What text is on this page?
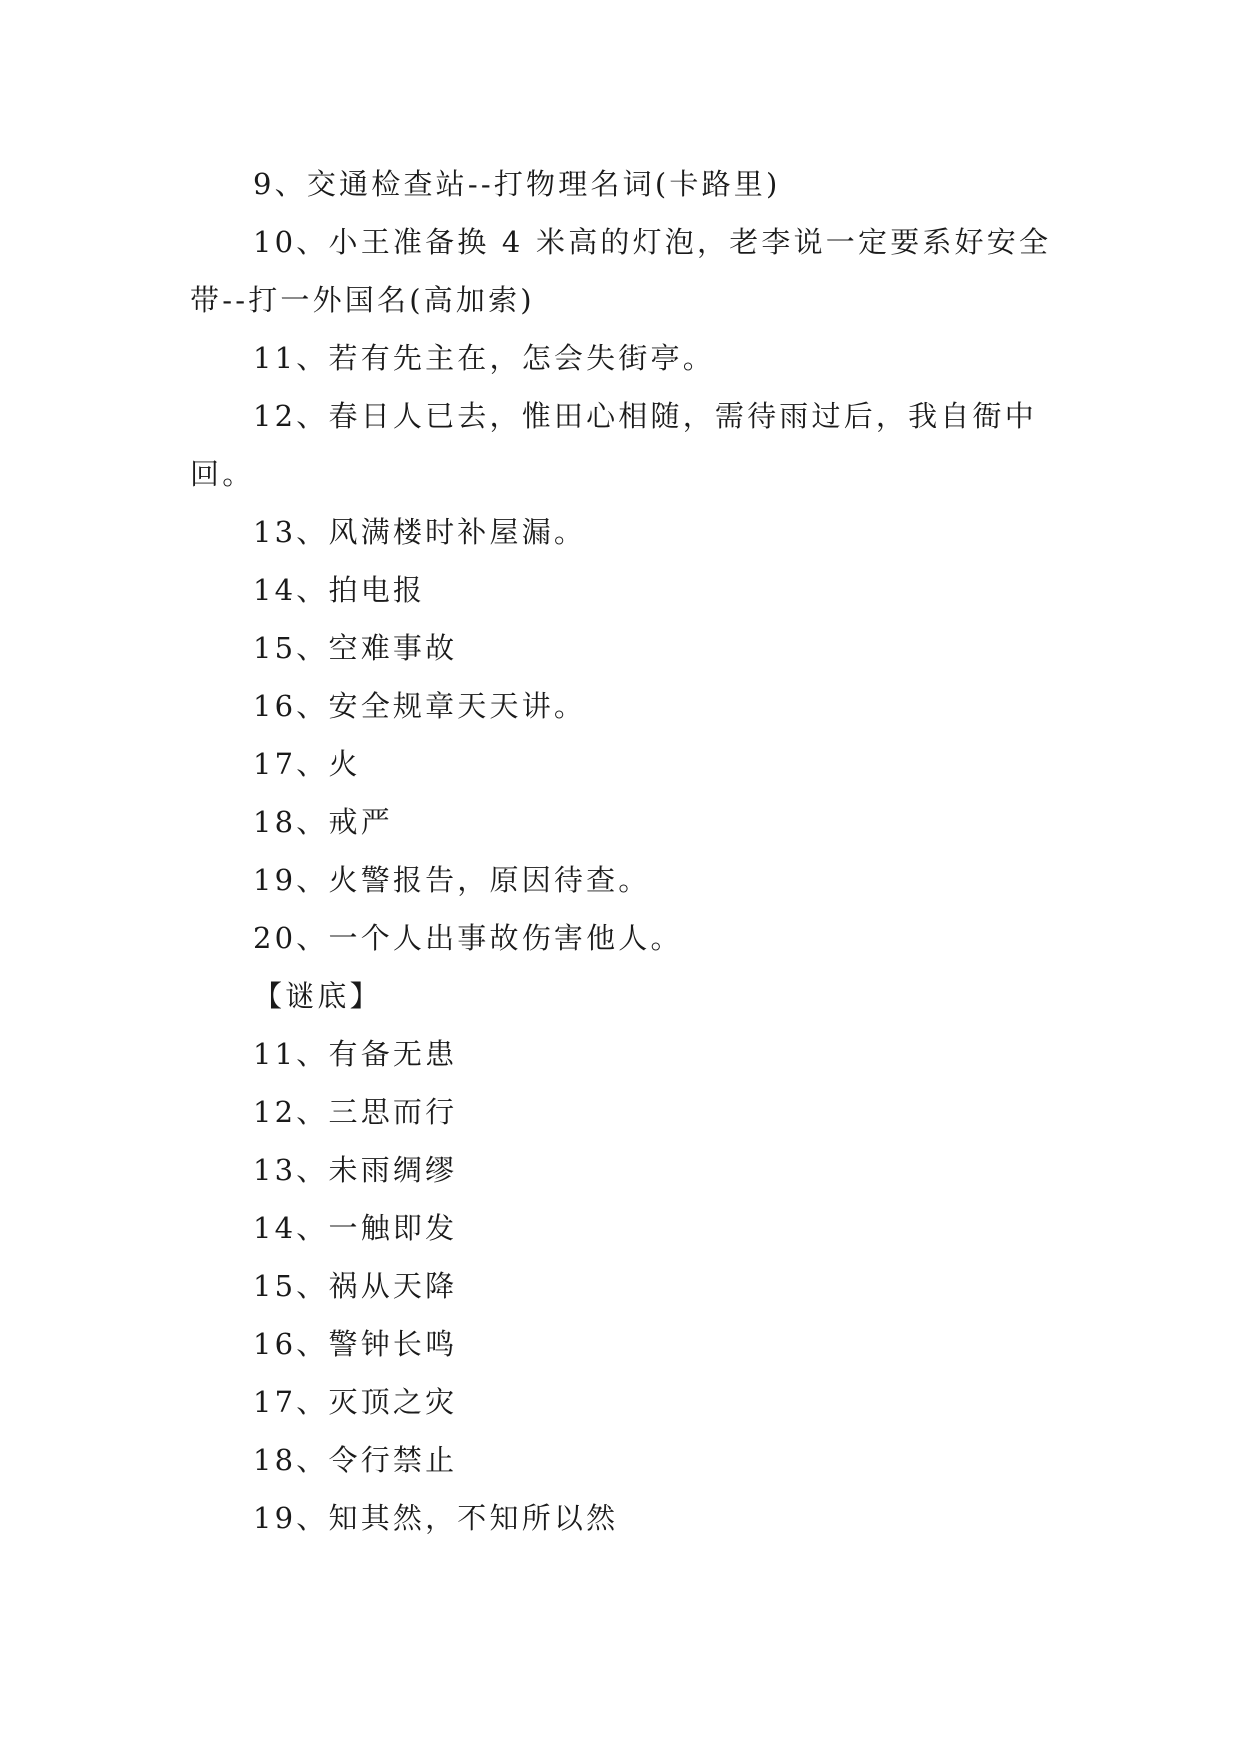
9、交通检查站--打物理名词(卡路里)

10、小王准备换 4 米高的灯泡，老李说一定要系好安全带--打一外国名(高加索)

11、若有先主在，怎会失街亭。

12、春日人已去，惟田心相随，需待雨过后，我自衙中回。

13、风满楼时补屋漏。

14、拍电报

15、空难事故

16、安全规章天天讲。

17、火

18、戒严

19、火警报告，原因待查。

20、一个人出事故伤害他人。

【谜底】

11、有备无患

12、三思而行

13、未雨绸缪

14、一触即发

15、祸从天降

16、警钟长鸣

17、灭顶之灾

18、令行禁止

19、知其然，不知所以然
